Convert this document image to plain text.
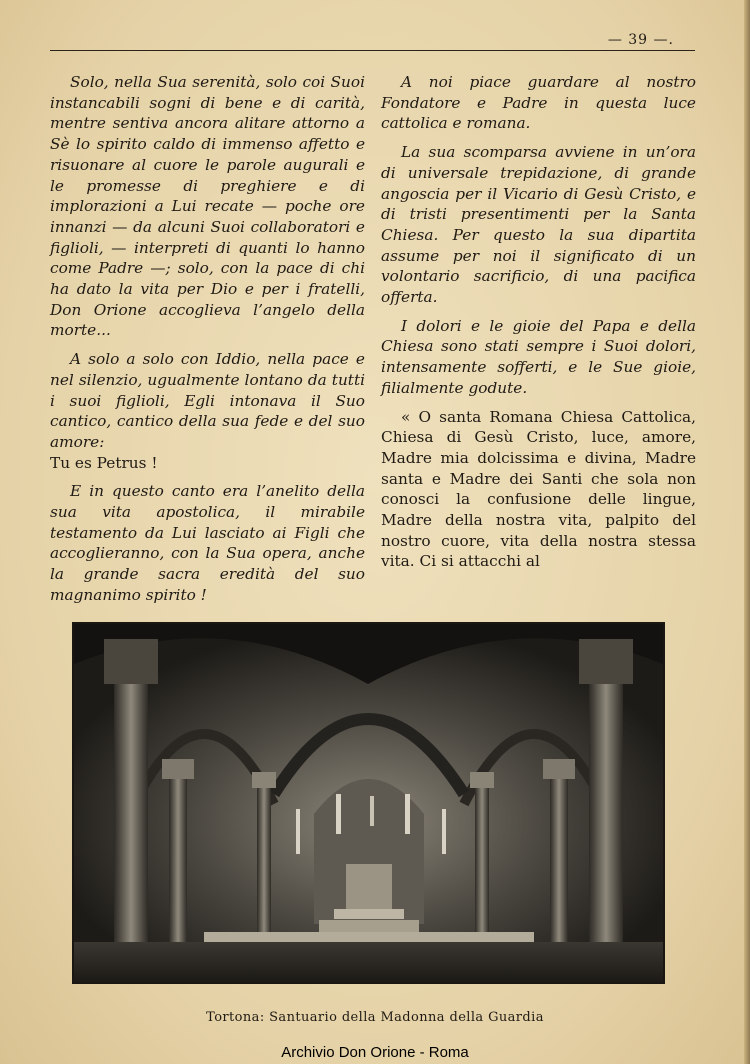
— 39 —.

Solo, nella Sua serenità, solo coi Suoi instancabili sogni di bene e di carità, mentre sentiva ancora alitare attorno a Sè lo spirito caldo di immenso affetto e risuonare al cuore le parole augurali e le promesse di preghiere e di implorazioni a Lui recate — poche ore innanzi — da alcuni Suoi collaboratori e figlioli, — interpreti di quanti lo hanno come Padre —; solo, con la pace di chi ha dato la vita per Dio e per i fratelli, Don Orione accoglieva l’angelo della morte...

A solo a solo con Iddio, nella pace e nel silenzio, ugualmente lontano da tutti i suoi figlioli, Egli intonava il Suo cantico, cantico della sua fede e del suo amore:

Tu es Petrus !

E in questo canto era l’anelito della sua vita apostolica, il mirabile testamento da Lui lasciato ai Figli che accoglieranno, con la Sua opera, anche la grande sacra eredità del suo magnanimo spirito !

A noi piace guardare al nostro Fondatore e Padre in questa luce cattolica e romana.

La sua scomparsa avviene in un’ora di universale trepidazione, di grande angoscia per il Vicario di Gesù Cristo, e di tristi presentimenti per la Santa Chiesa. Per questo la sua dipartita assume per noi il significato di un volontario sacrificio, di una pacifica offerta.

I dolori e le gioie del Papa e della Chiesa sono stati sempre i Suoi dolori, intensamente sofferti, e le Sue gioie, filialmente godute.

« O santa Romana Chiesa Cattolica, Chiesa di Gesù Cristo, luce, amore, Madre mia dolcissima e divina, Madre santa e Madre dei Santi che sola non conosci la confusione delle lingue, Madre della nostra vita, palpito del nostro cuore, vita della nostra stessa vita. Ci si attacchi al

Tortona: Santuario della Madonna della Guardia
Archivio Don Orione - Roma
